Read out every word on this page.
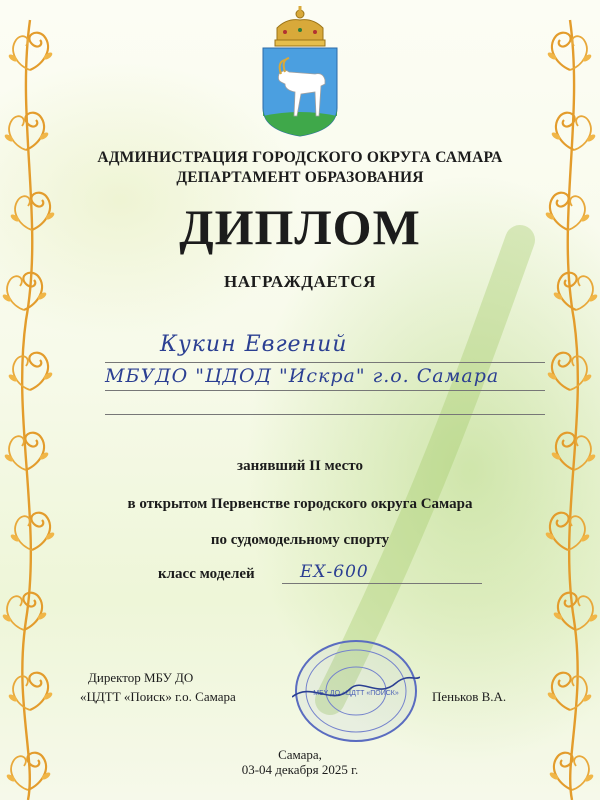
АДМИНИСТРАЦИЯ ГОРОДСКОГО ОКРУГА САМАРА
ДЕПАРТАМЕНТ ОБРАЗОВАНИЯ
ДИПЛОМ
НАГРАЖДАЕТСЯ
Кукин Евгений
МБУДО "ЦДОД "Искра" г.о. Самара
занявший II место
в открытом Первенстве городского округа Самара
по судомодельному спорту
класс моделей	ЕХ-600
Директор МБУ ДО
«ЦДТТ «Поиск» г.о. Самара	Пеньков В.А.
МБУ ДО «ЦДТТ «ПОИСК»
Самара,
03-04 декабря 2025 г.
